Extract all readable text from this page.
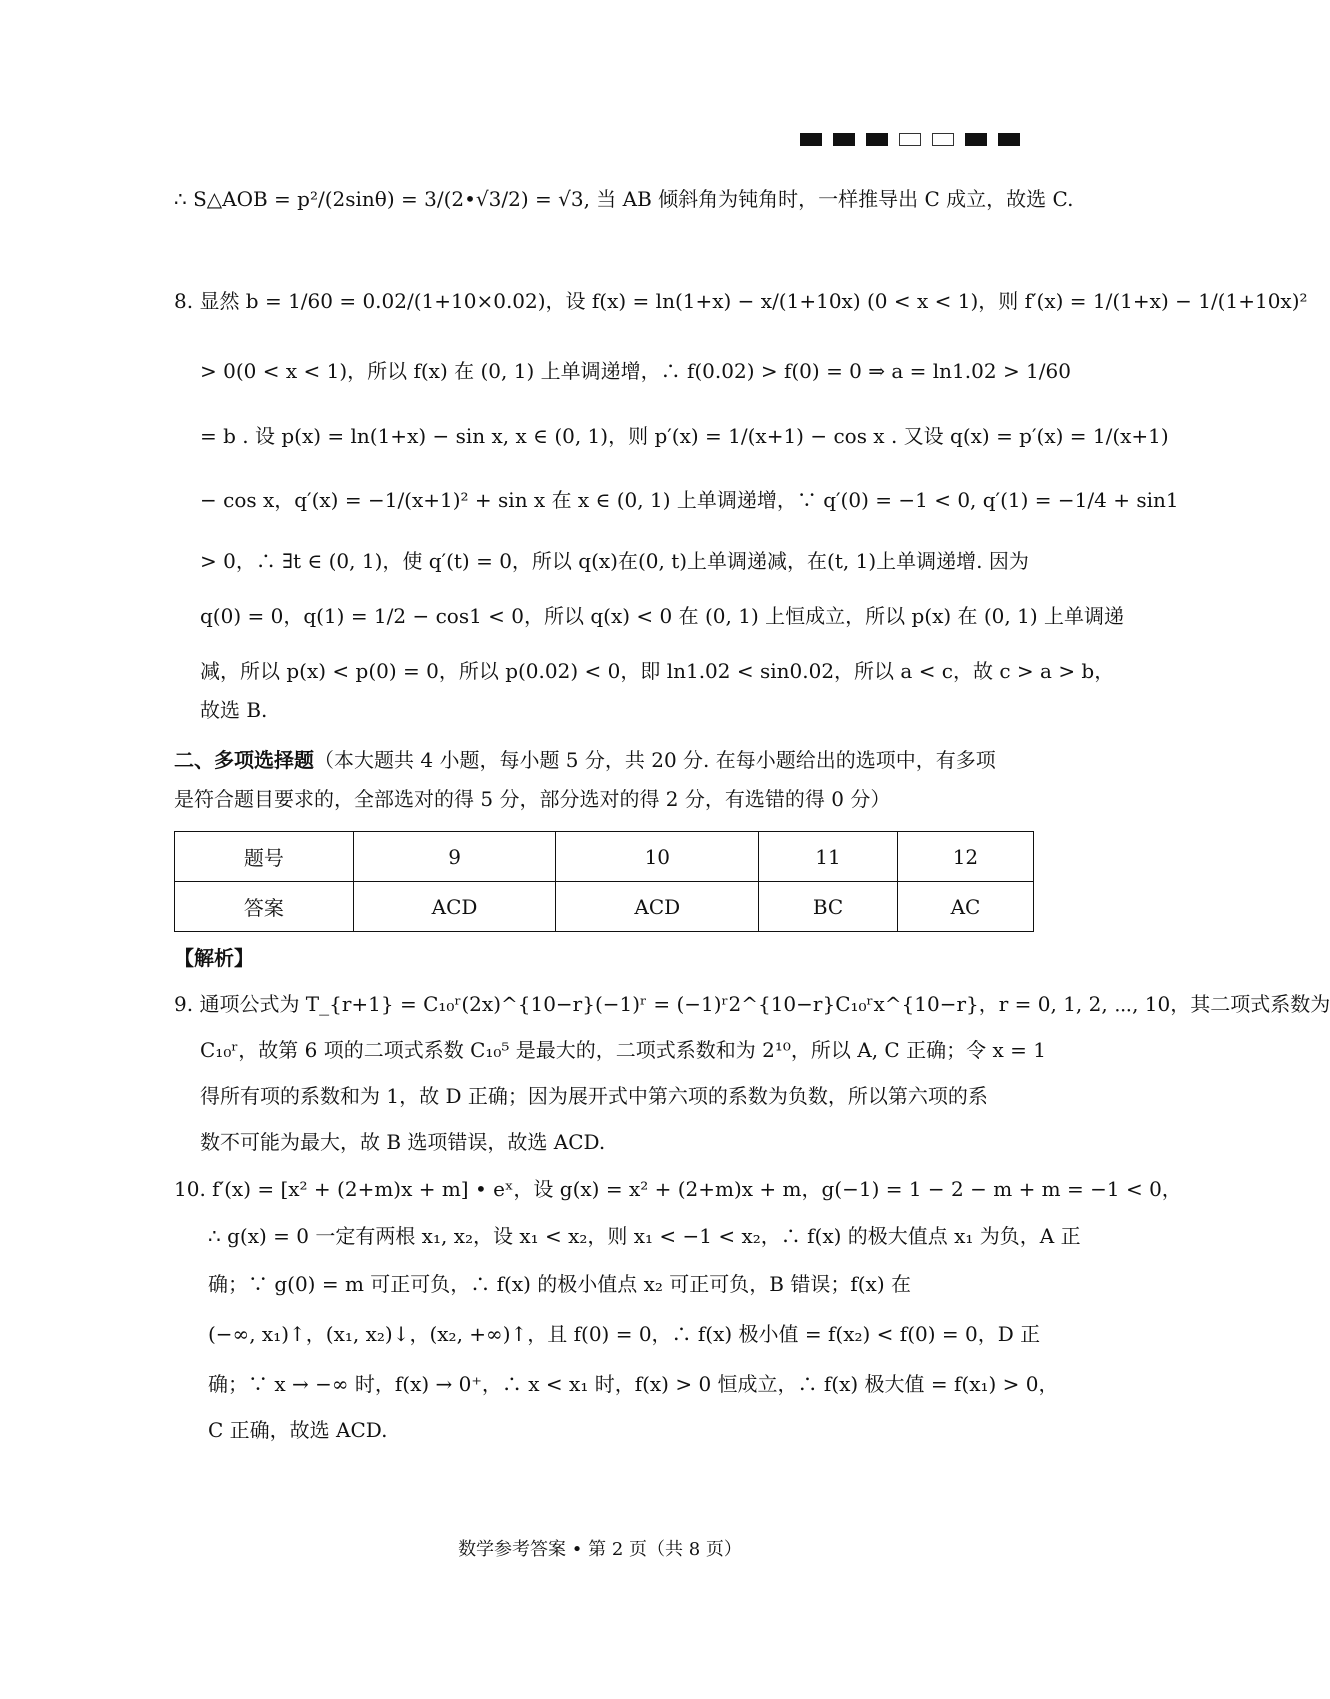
∴ S△AOB = p²/(2sinθ) = 3/(2•√3/2) = √3, 当 AB 倾斜角为钝角时，一样推导出 C 成立，故选 C.
8. 显然 b = 1/60 = 0.02/(1+10×0.02)，设 f(x) = ln(1+x) − x/(1+10x) (0 < x < 1)，则 f′(x) = 1/(1+x) − 1/(1+10x)²
> 0(0 < x < 1)，所以 f(x) 在 (0, 1) 上单调递增，∴ f(0.02) > f(0) = 0 ⇒ a = ln1.02 > 1/60
= b . 设 p(x) = ln(1+x) − sin x, x ∈ (0, 1)，则 p′(x) = 1/(x+1) − cos x . 又设 q(x) = p′(x) = 1/(x+1)
− cos x，q′(x) = −1/(x+1)² + sin x 在 x ∈ (0, 1) 上单调递增，∵ q′(0) = −1 < 0, q′(1) = −1/4 + sin1
> 0，∴ ∃t ∈ (0, 1)，使 q′(t) = 0，所以 q(x)在(0, t)上单调递减，在(t, 1)上单调递增. 因为
q(0) = 0，q(1) = 1/2 − cos1 < 0，所以 q(x) < 0 在 (0, 1) 上恒成立，所以 p(x) 在 (0, 1) 上单调递
减，所以 p(x) < p(0) = 0，所以 p(0.02) < 0，即 ln1.02 < sin0.02，所以 a < c，故 c > a > b，
故选 B.
二、多项选择题（本大题共 4 小题，每小题 5 分，共 20 分. 在每小题给出的选项中，有多项
是符合题目要求的，全部选对的得 5 分，部分选对的得 2 分，有选错的得 0 分）
题号	9	10	11	12
答案	ACD	ACD	BC	AC
【解析】
9. 通项公式为 T_{r+1} = C₁₀ʳ(2x)^{10−r}(−1)ʳ = (−1)ʳ2^{10−r}C₁₀ʳx^{10−r}，r = 0, 1, 2, ⋯, 10，其二项式系数为
C₁₀ʳ，故第 6 项的二项式系数 C₁₀⁵ 是最大的，二项式系数和为 2¹⁰，所以 A, C 正确；令 x = 1
得所有项的系数和为 1，故 D 正确；因为展开式中第六项的系数为负数，所以第六项的系
数不可能为最大，故 B 选项错误，故选 ACD.
10. f′(x) = [x² + (2+m)x + m] • eˣ，设 g(x) = x² + (2+m)x + m，g(−1) = 1 − 2 − m + m = −1 < 0，
∴ g(x) = 0 一定有两根 x₁, x₂，设 x₁ < x₂，则 x₁ < −1 < x₂，∴ f(x) 的极大值点 x₁ 为负，A 正
确；∵ g(0) = m 可正可负，∴ f(x) 的极小值点 x₂ 可正可负，B 错误；f(x) 在
(−∞, x₁)↑，(x₁, x₂)↓，(x₂, +∞)↑，且 f(0) = 0，∴ f(x) 极小值 = f(x₂) < f(0) = 0，D 正
确；∵ x → −∞ 时，f(x) → 0⁺，∴ x < x₁ 时，f(x) > 0 恒成立，∴ f(x) 极大值 = f(x₁) > 0，
C 正确，故选 ACD.
数学参考答案 • 第 2 页（共 8 页）
